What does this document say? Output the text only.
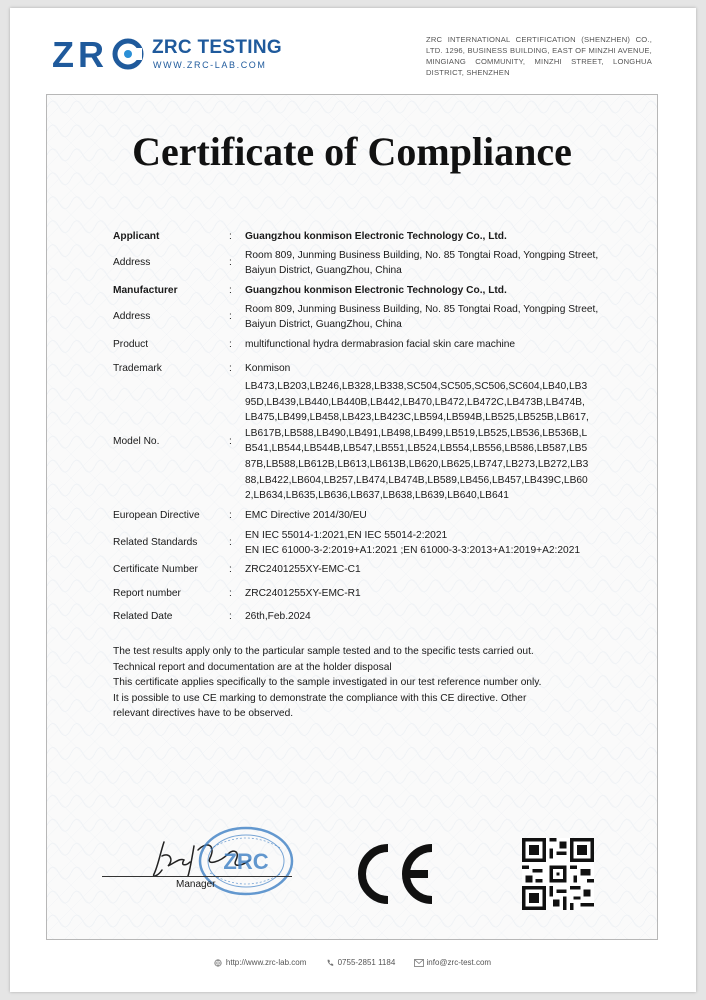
Z R	ZRC TESTING
WWW.ZRC-LAB.COM
ZRC INTERNATIONAL CERTIFICATION (SHENZHEN) CO., LTD. 1296, BUSINESS BUILDING, EAST OF MINZHI AVENUE, MINGIANG COMMUNITY, MINZHI STREET, LONGHUA DISTRICT, SHENZHEN
Certificate of Compliance
Applicant	: Guangzhou konmison Electronic Technology Co., Ltd.
Address	:
Room 809, Junming Business Building, No. 85 Tongtai Road, Yongping Street, Baiyun District, GuangZhou, China
Manufacturer	: Guangzhou konmison Electronic Technology Co., Ltd.
Address	:
Room 809, Junming Business Building, No. 85 Tongtai Road, Yongping Street, Baiyun District, GuangZhou, China
Product	: multifunctional hydra dermabrasion facial skin care machine
Trademark	: Konmison
Model No.	:
LB473,LB203,LB246,LB328,LB338,SC504,SC505,SC506,SC604,LB40,LB3
95D,LB439,LB440,LB440B,LB442,LB470,LB472,LB472C,LB473B,LB474B,
LB475,LB499,LB458,LB423,LB423C,LB594,LB594B,LB525,LB525B,LB617,
LB617B,LB588,LB490,LB491,LB498,LB499,LB519,LB525,LB536,LB536B,L
B541,LB544,LB544B,LB547,LB551,LB524,LB554,LB556,LB586,LB587,LB5
87B,LB588,LB612B,LB613,LB613B,LB620,LB625,LB747,LB273,LB272,LB3
88,LB422,LB604,LB257,LB474,LB474B,LB589,LB456,LB457,LB439C,LB60
2,LB634,LB635,LB636,LB637,LB638,LB639,LB640,LB641
European Directive	: EMC Directive 2014/30/EU
Related Standards	:
EN IEC 55014-1:2021,EN IEC 55014-2:2021
EN IEC 61000-3-2:2019+A1:2021 ;EN 61000-3-3:2013+A1:2019+A2:2021
Certificate Number	: ZRC2401255XY-EMC-C1
Report number	: ZRC2401255XY-EMC-R1
Related Date	: 26th,Feb.2024
The test results apply only to the particular sample tested and to the specific tests carried out.
Technical report and documentation are at the holder disposal
This certificate applies specifically to the sample investigated in our test reference number only.
It is possible to use CE marking to demonstrate the compliance with this CE directive. Other
relevant directives have to be observed.
ZRC
Manager
http://www.zrc-lab.com	0755-2851 1184	info@zrc-test.com
